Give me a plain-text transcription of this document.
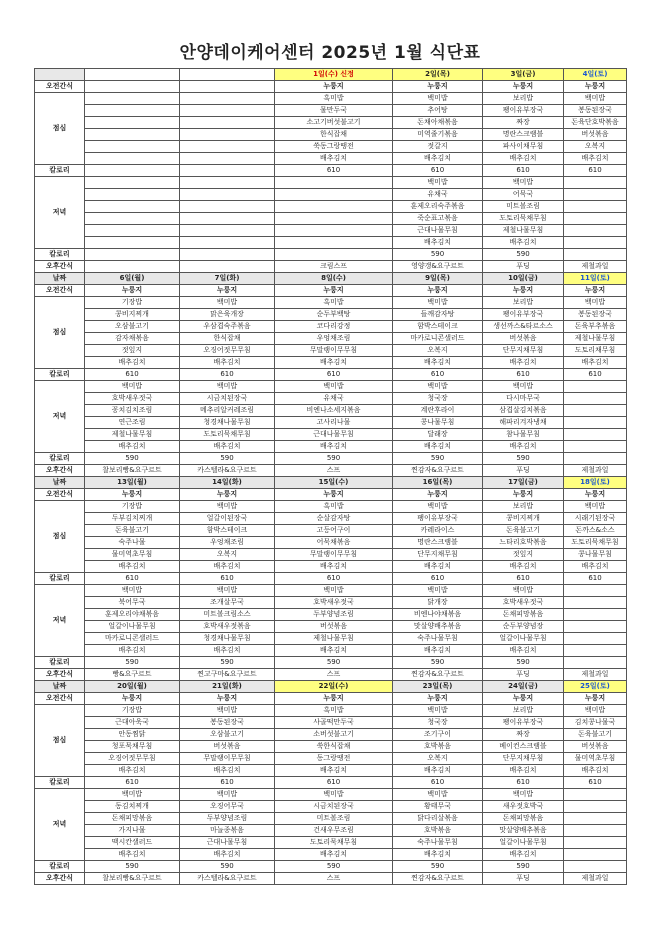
안양데이케어센터 2025년 1월 식단표
			1일(수) 신정	2일(목)	3일(금)	4일(토)
오전간식			누룽지	누룽지	누룽지	누룽지
점심			흑미밥	백미밥	보리밥	백미밥
			물만두국	추어탕	팽이유부장국	봉동된장국
			소고기버섯불고기	돈채아채볶음	짜장	돈육단호박볶음
			한식잡채	미역줄기볶음	명란스크램블	버섯볶음
			쑥동그랑땡전	젓갈지	파사이채무침	오복지
			배추김치	배추김치	배추김치	배추김치
칼로리			610	610	610	610
저녁				백미밥	백미밥	
				유채국	어묵국	
				훈제오리숙주볶음	미트볼조림	
				죽순표고볶음	도토리묵채무침	
				근대나물무침	제철나물무침	
				배추김치	배추김치	
칼로리				590	590	
오후간식			크림스프	영양갱&요구르트	푸딩	제철과일
날짜	6일(월)	7일(화)	8일(수)	9일(목)	10일(금)	11일(토)
오전간식	누룽지	누룽지	누룽지	누룽지	누룽지	누룽지
점심	기장밥	백미밥	흑미밥	백미밥	보리밥	백미밥
	콩비지찌개	맑은육개장	순두부백탕	들깨감자탕	팽이유부장국	봉동된장국
	오삼불고기	우삼겹숙주볶음	코다리강정	함박스테이크	생선까스&타르소스	돈육부추볶음
	감자채볶음	한식잡채	우엉채조림	마카로니콘샐러드	버섯볶음	제철나물무침
	젓잎지	오징어젓무무침	무말랭이무무침	오복지	단무지채무침	도토리채무침
	배추김치	배추김치	배추김치	배추김치	배추김치	배추김치
칼로리	610	610	610	610	610	610
저녁	백미밥	백미밥	백미밥	백미밥	백미밥	
	호박새우젓국	시금치된장국	유채국	청국장	다시마무국	
	꽁치김치조림	메추리알커레조림	비엔나소세지볶음	계란후라이	삼겹살김치볶음	
	연근조림	청경채나물무침	고사리나물	콩나물무침	해파리겨자냉채	
	제철나물무침	도토리묵채무침	근대나물무침	달래장	참나물무침	
	배추김치	배추김치	배추김치	배추김치	배추김치	
칼로리	590	590	590	590	590	
오후간식	찰보리빵&요구르트	카스텔라&요구르트	스프	찐감자&요구르트	푸딩	제철과일
날짜	13일(월)	14일(화)	15일(수)	16일(목)	17일(금)	18일(토)
오전간식	누룽지	누룽지	누룽지	누룽지	누룽지	누룽지
점심	기장밥	백미밥	흑미밥	백미밥	보리밥	백미밥
	두부김치찌개	얼갈이된장국	순살감자탕	팽이유부장국	콩비지찌개	시래기된장국
	돈육불고기	함박스테이크	고등어구이	카레라이스	돈육불고기	돈까스&소스
	숙주나물	우엉채조림	어묵채볶음	명란스크램블	느타리호박볶음	도토리묵채무침
	물미역초무침	오복지	무말랭이무무침	단무지채무침	젓잎지	콩나물무침
	배추김치	배추김치	배추김치	배추김치	배추김치	배추김치
칼로리	610	610	610	610	610	610
저녁	백미밥	백미밥	백미밥	백미밥	백미밥	
	북어무국	조개살무국	호박새우젓국	닭개장	호박새우젓국	
	훈제오리야채볶음	미트볼크림소스	두부양념조림	비엔나야채볶음	돈채피망볶음	
	얼갈이나물무침	호박새우젓볶음	버섯볶음	맛살양배추볶음	순두부양념장	
	마카로니콘샐러드	청경채나물무침	제철나물무침	숙주나물무침	얼갈이나물무침	
	배추김치	배추김치	배추김치	배추김치	배추김치	
칼로리	590	590	590	590	590	
오후간식	빵&요구르트	찐고구마&요구르트	스프	찐감자&요구르트	푸딩	제철과일
날짜	20일(월)	21일(화)	22일(수)	23일(목)	24일(금)	25일(토)
오전간식	누룽지	누룽지	누룽지	누룽지	누룽지	누룽지
점심	기장밥	백미밥	흑미밥	백미밥	보리밥	백미밥
	근대아욱국	봉동된장국	사골떡만두국	청국장	팽이유부장국	김치콩나물국
	안동찜닭	오삼불고기	소버섯불고기	조기구이	짜장	돈육불고기
	청포묵채무침	버섯볶음	쑥한식잡채	호박볶음	베이컨스크램블	버섯볶음
	오징어젓무무침	무말랭이무무침	동그랑땡전	오복지	단무지채무침	물미역초무침
	배추김치	배추김치	배추김치	배추김치	배추김치	배추김치
칼로리	610	610	610	610	610	610
저녁	백미밥	백미밥	백미밥	백미밥	백미밥	
	동김치찌개	오징어무국	시금치된장국	황태무국	새우젓호박국	
	돈채피망볶음	두부양념조림	미트볼조림	닭다리살볶음	돈채피망볶음	
	가지나물	마늘종볶음	건새우무조림	호박볶음	맛살양배추볶음	
	맥시칸샐러드	근대나물무침	도토리묵채무침	숙주나물무침	얼갈이나물무침	
	배추김치	배추김치	배추김치	배추김치	배추김치	
칼로리	590	590	590	590	590	
오후간식	찰보리빵&요구르트	카스텔라&요구르트	스프	찐감자&요구르트	푸딩	제철과일
